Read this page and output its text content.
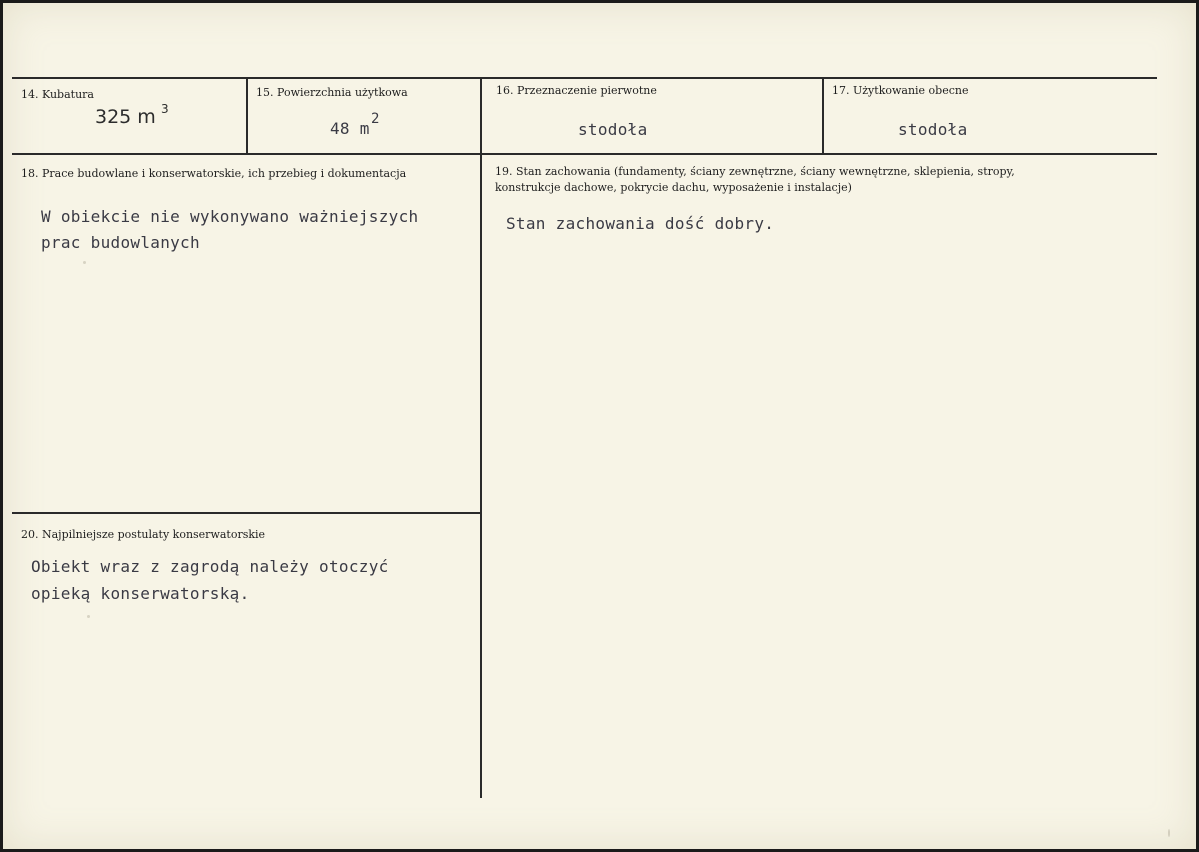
14. Kubatura
325 m 3
15. Powierzchnia użytkowa
48 m 2
16. Przeznaczenie pierwotne
stodoła
17. Użytkowanie obecne
stodoła
18. Prace budowlane i konserwatorskie, ich przebieg i dokumentacja
W obiekcie nie wykonywano ważniejszych
prac budowlanych
19. Stan zachowania (fundamenty, ściany zewnętrzne, ściany wewnętrzne, sklepienia, stropy,
konstrukcje dachowe, pokrycie dachu, wyposażenie i instalacje)
Stan zachowania dość dobry.
20. Najpilniejsze postulaty konserwatorskie
Obiekt wraz z zagrodą należy otoczyć
opieką konserwatorską.
